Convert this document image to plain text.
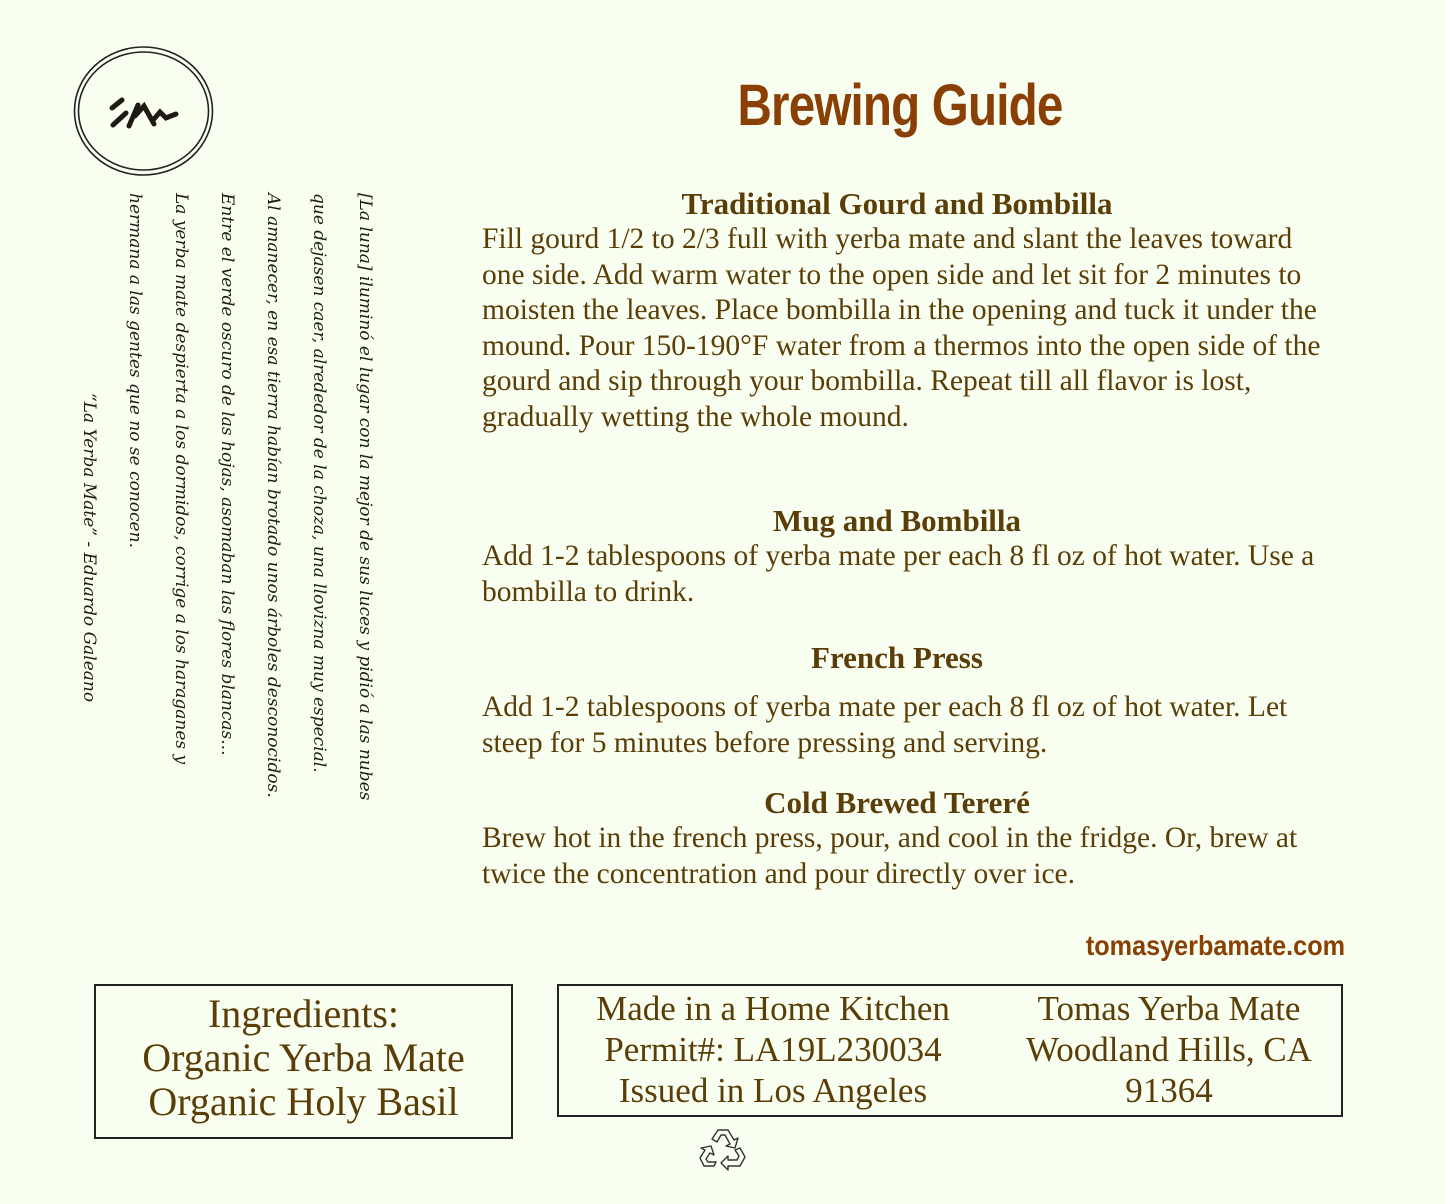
[La luna] iluminó el lugar con la mejor de sus luces y pidió a las nubes
que dejasen caer, alrededor de la choza, una llovizna muy especial.
Al amanecer, en esa tierra habían brotado unos árboles desconocidos.
Entre el verde oscuro de las hojas, asomaban las flores blancas...
La yerba mate despierta a los dormidos, corrige a los haraganes y
hermana a las gentes que no se conocen.
“La Yerba Mate” - Eduardo Galeano
Brewing Guide
Traditional Gourd and Bombilla

Fill gourd 1/2 to 2/3 full with yerba mate and slant the leaves toward one side. Add warm water to the open side and let sit for 2 minutes to moisten the leaves. Place bombilla in the opening and tuck it under the mound. Pour 150-190°F water from a thermos into the open side of the gourd and sip through your bombilla. Repeat till all flavor is lost, gradually wetting the whole mound.

Mug and Bombilla

Add 1-2 tablespoons of yerba mate per each 8 fl oz of hot water. Use a bombilla to drink.

French Press

Add 1-2 tablespoons of yerba mate per each 8 fl oz of hot water. Let steep for 5 minutes before pressing and serving.

Cold Brewed Tereré

Brew hot in the french press, pour, and cool in the fridge. Or, brew at twice the concentration and pour directly over ice.

tomasyerbamate.com
Ingredients:
Organic Yerba Mate
Organic Holy Basil
Made in a Home Kitchen
Permit#: LA19L230034
Issued in Los Angeles
Tomas Yerba Mate
Woodland Hills, CA
91364
